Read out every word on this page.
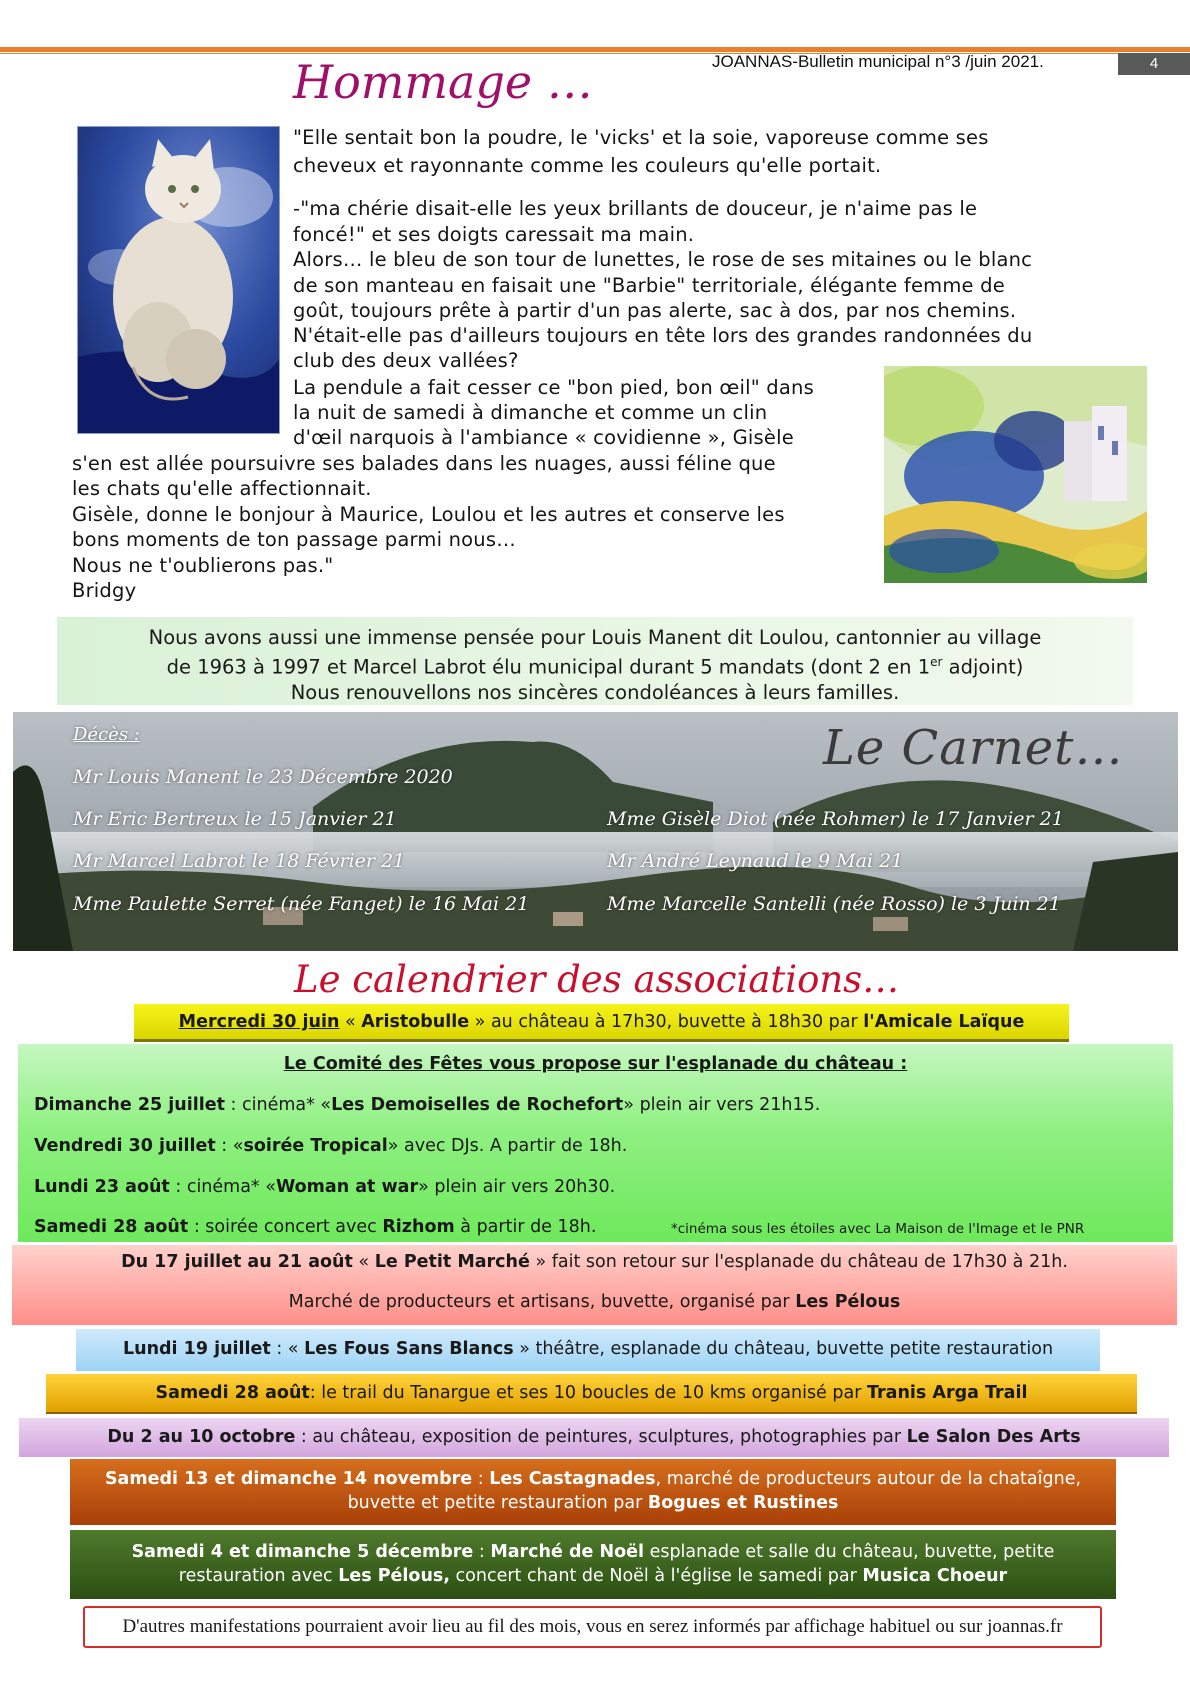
JOANNAS-Bulletin municipal n°3 /juin 2021.	4
Hommage …
"Elle sentait bon la poudre, le 'vicks' et la soie, vaporeuse comme ses
cheveux et rayonnante comme les couleurs qu'elle portait.
-"ma chérie disait-elle les yeux brillants de douceur, je n'aime pas le
foncé!" et ses doigts caressait ma main.
Alors… le bleu de son tour de lunettes, le rose de ses mitaines ou le blanc
de son manteau en faisait une "Barbie" territoriale, élégante femme de
goût, toujours prête à partir d'un pas alerte, sac à dos, par nos chemins.
N'était-elle pas d'ailleurs toujours en tête lors des grandes randonnées du
club des deux vallées?
La pendule a fait cesser ce "bon pied, bon œil" dans
la nuit de samedi à dimanche et comme un clin
d'œil narquois à l'ambiance « covidienne », Gisèle
s'en est allée poursuivre ses balades dans les nuages, aussi féline que
les chats qu'elle affectionnait.
Gisèle, donne le bonjour à Maurice, Loulou et les autres et conserve les
bons moments de ton passage parmi nous…
Nous ne t'oublierons pas."
Bridgy
Nous avons aussi une immense pensée pour Louis Manent dit Loulou, cantonnier au village
de 1963 à 1997 et Marcel Labrot élu municipal durant 5 mandats (dont 2 en 1er adjoint)
Nous renouvellons nos sincères condoléances à leurs familles.
Le Carnet…
Décès :
Mr Louis Manent le 23 Décembre 2020
Mr Eric Bertreux le 15 Janvier 21
Mr Marcel Labrot le 18 Février 21
Mme Paulette Serret (née Fanget) le 16 Mai 21
Mme Gisèle Diot (née Rohmer) le 17 Janvier 21
Mr André Leynaud le 9 Mai 21
Mme Marcelle Santelli (née Rosso) le 3 Juin 21
Le calendrier des associations…
Mercredi 30 juin « Aristobulle » au château à 17h30, buvette à 18h30 par l'Amicale Laïque
Le Comité des Fêtes vous propose sur l'esplanade du château :
Dimanche 25 juillet : cinéma* «Les Demoiselles de Rochefort» plein air vers 21h15.
Vendredi 30 juillet : «soirée Tropical» avec DJs. A partir de 18h.
Lundi 23 août : cinéma* «Woman at war» plein air vers 20h30.
Samedi 28 août : soirée concert avec Rizhom à partir de 18h.	*cinéma sous les étoiles avec La Maison de l'Image et le PNR
Du 17 juillet au 21 août « Le Petit Marché » fait son retour sur l'esplanade du château de 17h30 à 21h.
Marché de producteurs et artisans, buvette, organisé par Les Pélous
Lundi 19 juillet : « Les Fous Sans Blancs » théâtre, esplanade du château, buvette petite restauration
Samedi 28 août: le trail du Tanargue et ses 10 boucles de 10 kms organisé par Tranis Arga Trail
Du 2 au 10 octobre : au château, exposition de peintures, sculptures, photographies par Le Salon Des Arts
Samedi 13 et dimanche 14 novembre : Les Castagnades, marché de producteurs autour de la chataîgne,
buvette et petite restauration par Bogues et Rustines
Samedi 4 et dimanche 5 décembre : Marché de Noël esplanade et salle du château, buvette, petite
restauration avec Les Pélous, concert chant de Noël à l'église le samedi par Musica Choeur
D'autres manifestations pourraient avoir lieu au fil des mois, vous en serez informés par affichage habituel ou sur joannas.fr
